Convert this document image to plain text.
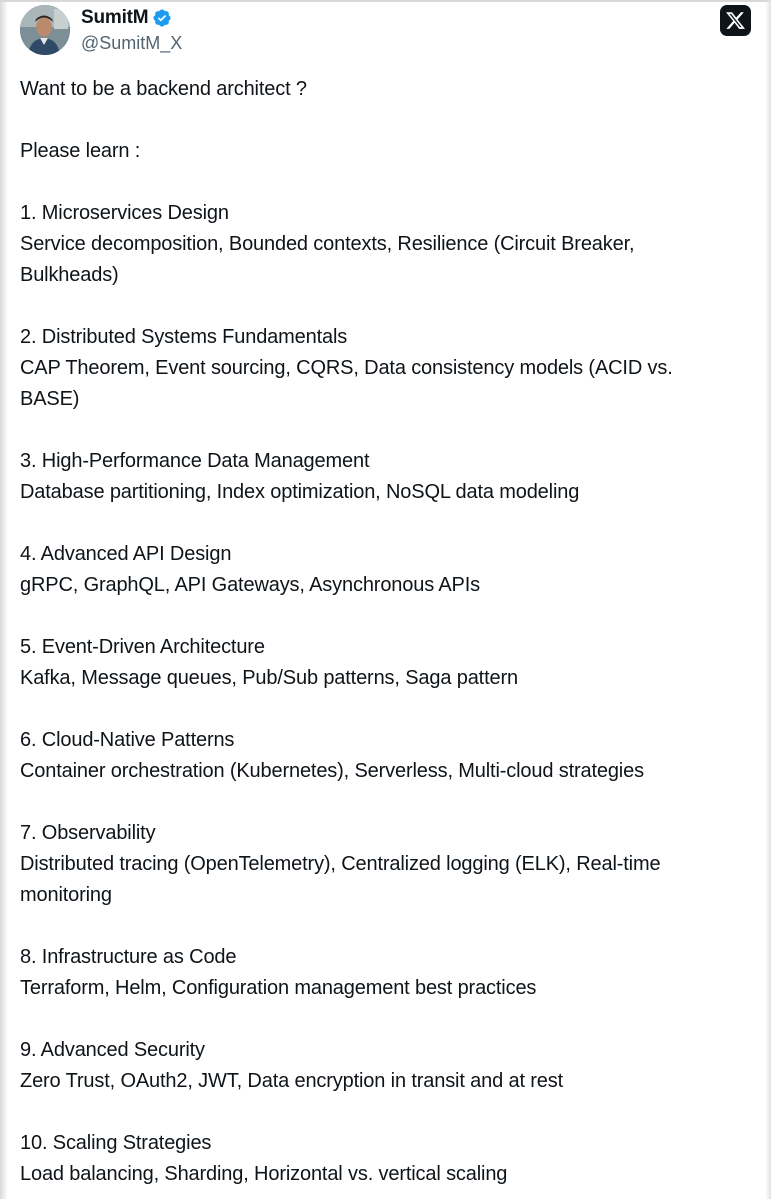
SumitM
@SumitM_X
Want to be a backend architect ?
Please learn :
1. Microservices Design
Service decomposition, Bounded contexts, Resilience (Circuit Breaker,
Bulkheads)
2. Distributed Systems Fundamentals
CAP Theorem, Event sourcing, CQRS, Data consistency models (ACID vs.
BASE)
3. High-Performance Data Management
Database partitioning, Index optimization, NoSQL data modeling
4. Advanced API Design
gRPC, GraphQL, API Gateways, Asynchronous APIs
5. Event-Driven Architecture
Kafka, Message queues, Pub/Sub patterns, Saga pattern
6. Cloud-Native Patterns
Container orchestration (Kubernetes), Serverless, Multi-cloud strategies
7. Observability
Distributed tracing (OpenTelemetry), Centralized logging (ELK), Real-time
monitoring
8. Infrastructure as Code
Terraform, Helm, Configuration management best practices
9. Advanced Security
Zero Trust, OAuth2, JWT, Data encryption in transit and at rest
10. Scaling Strategies
Load balancing, Sharding, Horizontal vs. vertical scaling
